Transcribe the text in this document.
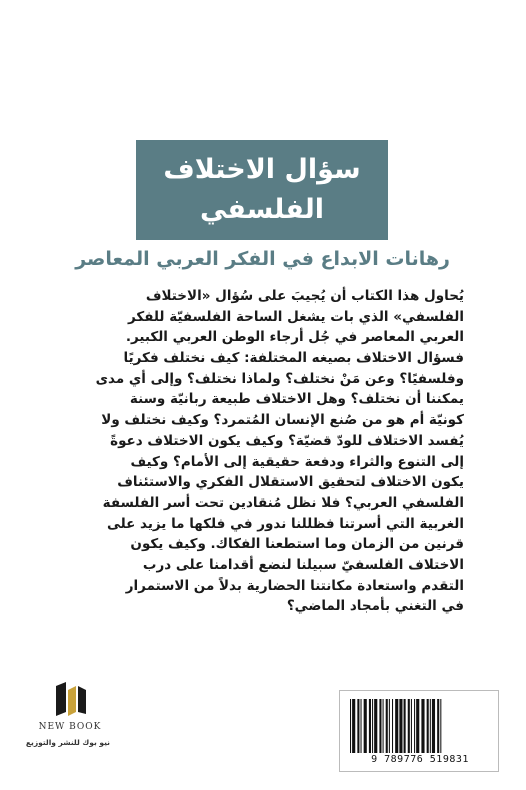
سؤال الاختلاف
الفلسفي
رهانات الابداع في الفكر العربي المعاصر
يُحاول هذا الكتاب أن يُجيبَ على سُؤال «الاختلاف
الفلسفي» الذي بات يشغل الساحة الفلسفيّة للفكر
العربي المعاصر في جُل أرجاء الوطن العربي الكبير.
فسؤال الاختلاف بصيغه المختلفة: كيف نختلف فكريًا
وفلسفيًا؟ وعن مَنْ نختلف؟ ولماذا نختلف؟ وإلى أي مدى
يمكننا أن نختلف؟ وهل الاختلاف طبيعة ربانيّة وسنة
كونيّة أم هو من صُنع الإنسان المُتمرد؟ وكيف نختلف ولا
يُفسد الاختلاف للودّ قضيّة؟ وكيف يكون الاختلاف دعوةً
إلى التنوع والثراء ودفعة حقيقية إلى الأمام؟ وكيف
يكون الاختلاف لتحقيق الاستقلال الفكري والاستئناف
الفلسفي العربي؟ فلا نظل مُنقادين تحت أسر الفلسفة
الغربية التي أسرتنا فظللنا ندور في فلكها ما يزيد على
قرنين من الزمان وما استطعنا الفكاك. وكيف يكون
الاختلاف الفلسفيّ سبيلنا لنضع أقدامنا على درب
التقدم واستعادة مكانتنا الحضارية بدلاً من الاستمرار
في التغني بأمجاد الماضي؟
NEW BOOK
نيو بوك للنشر والتوزيع
9 789776 519831
